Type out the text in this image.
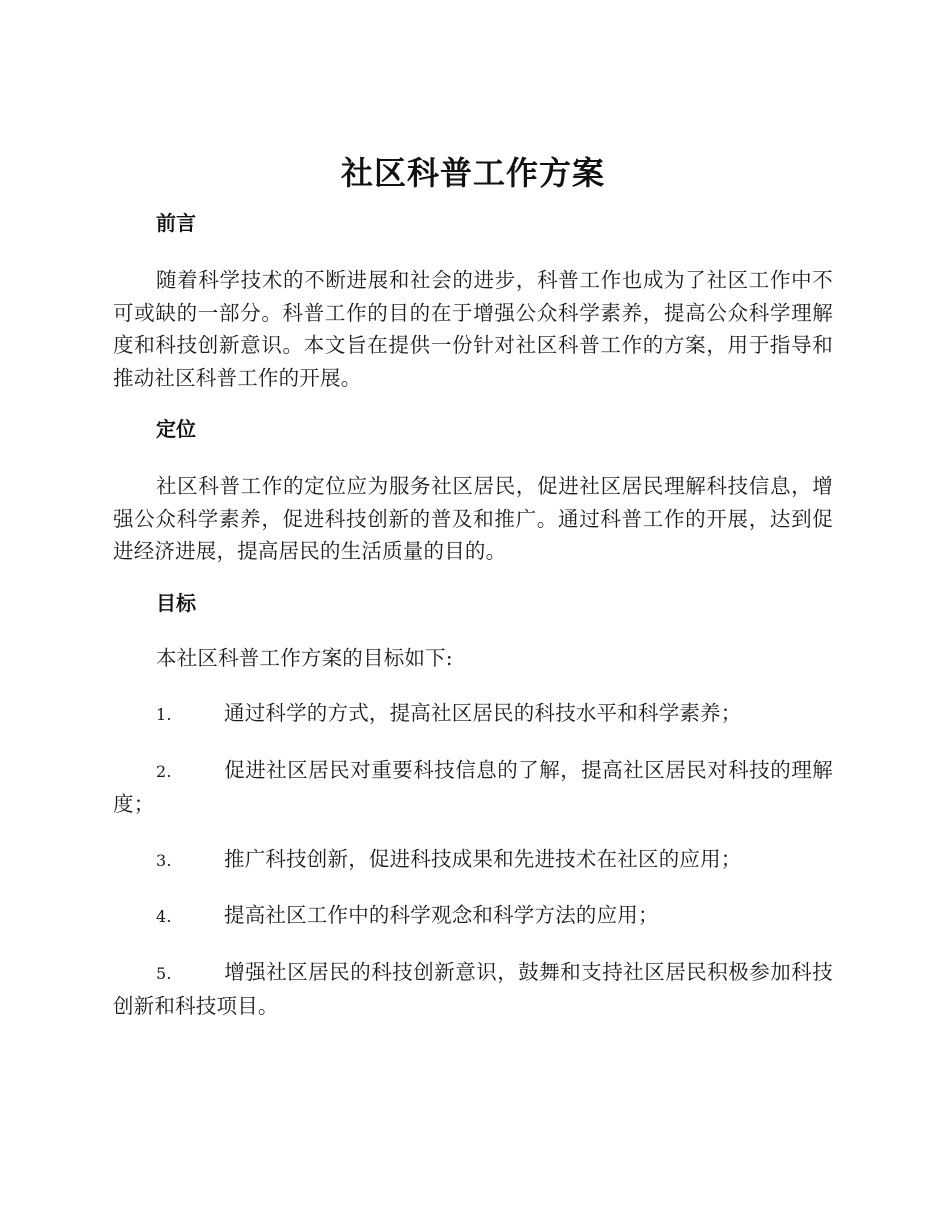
社区科普工作方案
前言

随着科学技术的不断进展和社会的进步，科普工作也成为了社区工作中不可或缺的一部分。科普工作的目的在于增强公众科学素养，提高公众科学理解度和科技创新意识。本文旨在提供一份针对社区科普工作的方案，用于指导和推动社区科普工作的开展。

定位

社区科普工作的定位应为服务社区居民，促进社区居民理解科技信息，增强公众科学素养，促进科技创新的普及和推广。通过科普工作的开展，达到促进经济进展，提高居民的生活质量的目的。

目标

本社区科普工作方案的目标如下:

1.	通过科学的方式，提高社区居民的科技水平和科学素养；

2.	促进社区居民对重要科技信息的了解，提高社区居民对科技的理解度；

3.	推广科技创新，促进科技成果和先进技术在社区的应用；

4.	提高社区工作中的科学观念和科学方法的应用；

5.	增强社区居民的科技创新意识，鼓舞和支持社区居民积极参加科技创新和科技项目。
